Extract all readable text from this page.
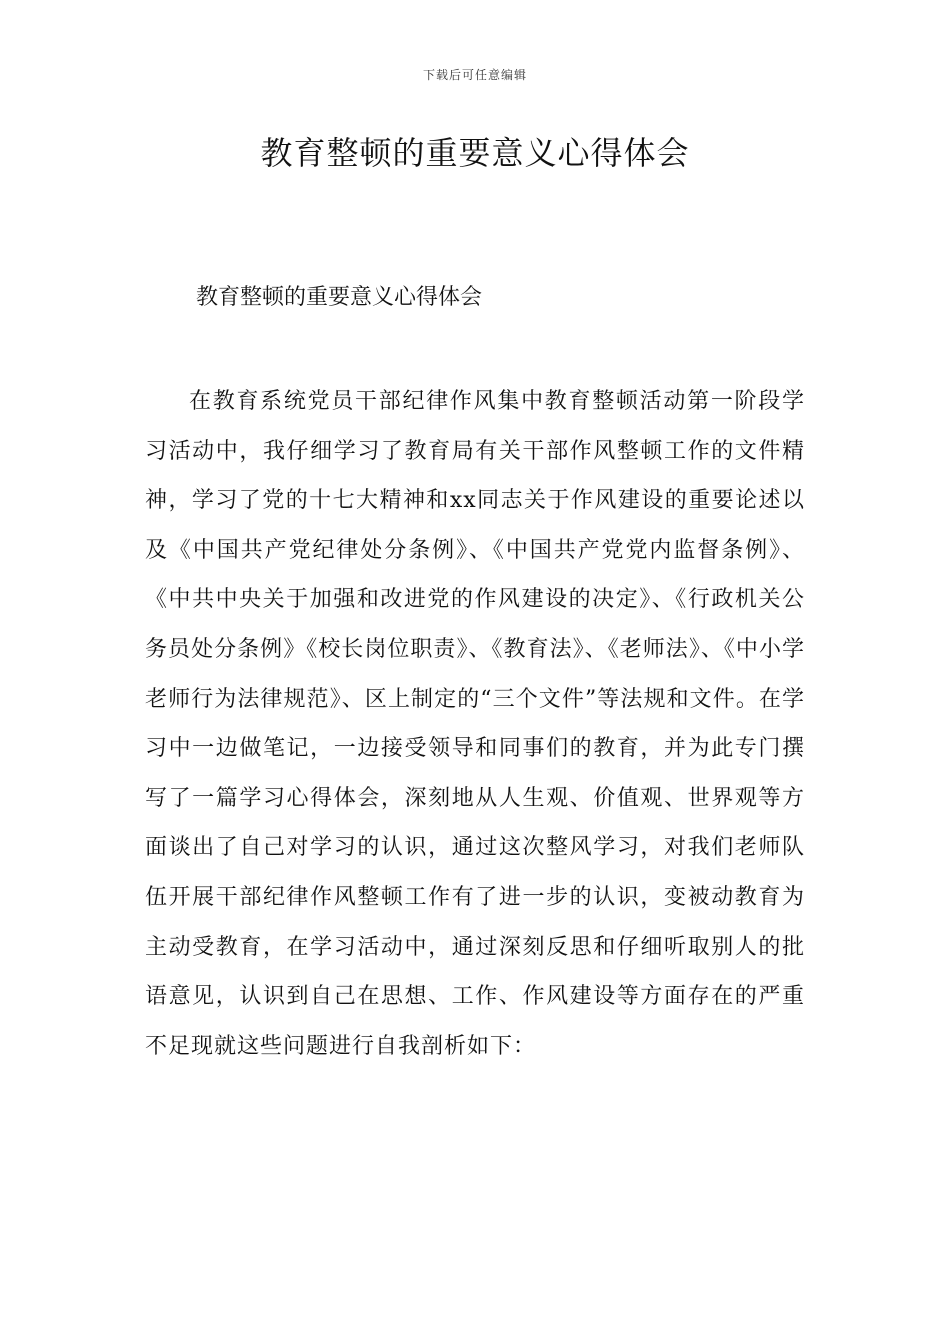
下载后可任意编辑
教育整顿的重要意义心得体会

教育整顿的重要意义心得体会

在教育系统党员干部纪律作风集中教育整顿活动第一阶段学习活动中，我仔细学习了教育局有关干部作风整顿工作的文件精神，学习了党的十七大精神和xx同志关于作风建设的重要论述以及《中国共产党纪律处分条例》、《中国共产党党内监督条例》、《中共中央关于加强和改进党的作风建设的决定》、《行政机关公务员处分条例》《校长岗位职责》、《教育法》、《老师法》、《中小学老师行为法律规范》、区上制定的“三个文件”等法规和文件。在学习中一边做笔记，一边接受领导和同事们的教育，并为此专门撰写了一篇学习心得体会，深刻地从人生观、价值观、世界观等方面谈出了自己对学习的认识，通过这次整风学习，对我们老师队伍开展干部纪律作风整顿工作有了进一步的认识，变被动教育为主动受教育，在学习活动中，通过深刻反思和仔细听取别人的批语意见，认识到自己在思想、工作、作风建设等方面存在的严重不足现就这些问题进行自我剖析如下：
